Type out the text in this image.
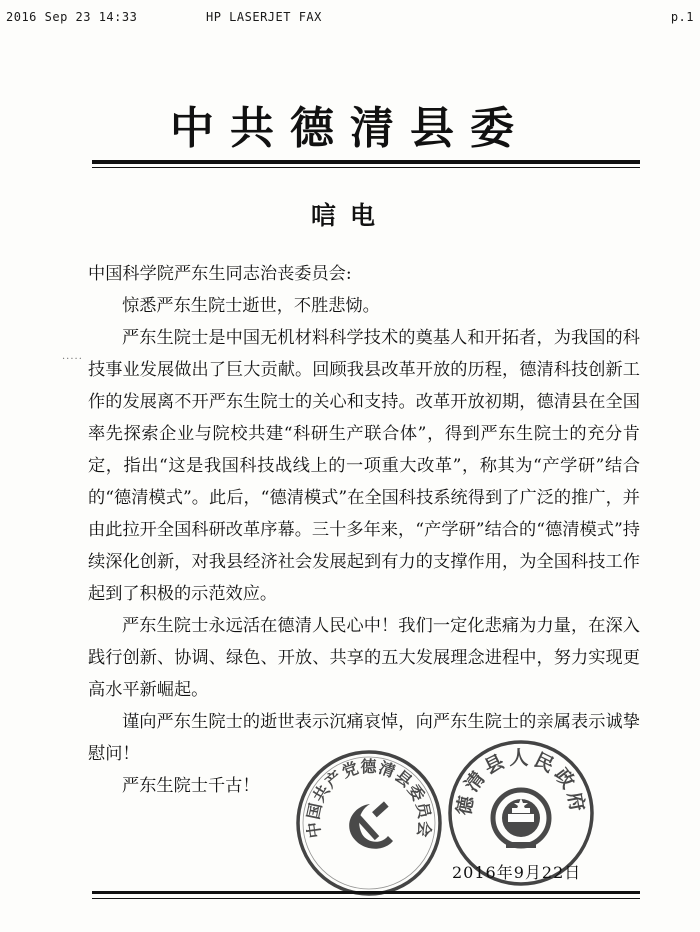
2016 Sep 23 14:33	HP LASERJET FAX	p.1
中共德清县委
唁电
·····

中国科学院严东生同志治丧委员会:

惊悉严东生院士逝世，不胜悲恸。

严东生院士是中国无机材料科学技术的奠基人和开拓者，为我国的科技事业发展做出了巨大贡献。回顾我县改革开放的历程，德清科技创新工作的发展离不开严东生院士的关心和支持。改革开放初期，德清县在全国率先探索企业与院校共建“科研生产联合体”，得到严东生院士的充分肯定，指出“这是我国科技战线上的一项重大改革”，称其为“产学研”结合的“德清模式”。此后，“德清模式”在全国科技系统得到了广泛的推广，并由此拉开全国科研改革序幕。三十多年来，“产学研”结合的“德清模式”持续深化创新，对我县经济社会发展起到有力的支撑作用，为全国科技工作起到了积极的示范效应。

严东生院士永远活在德清人民心中！我们一定化悲痛为力量，在深入践行创新、协调、绿色、开放、共享的五大发展理念进程中，努力实现更高水平新崛起。

谨向严东生院士的逝世表示沉痛哀悼，向严东生院士的亲属表示诚挚慰问！

严东生院士千古！

中国共产党德清县委员会
德清县人民政府
2016年9月22日
